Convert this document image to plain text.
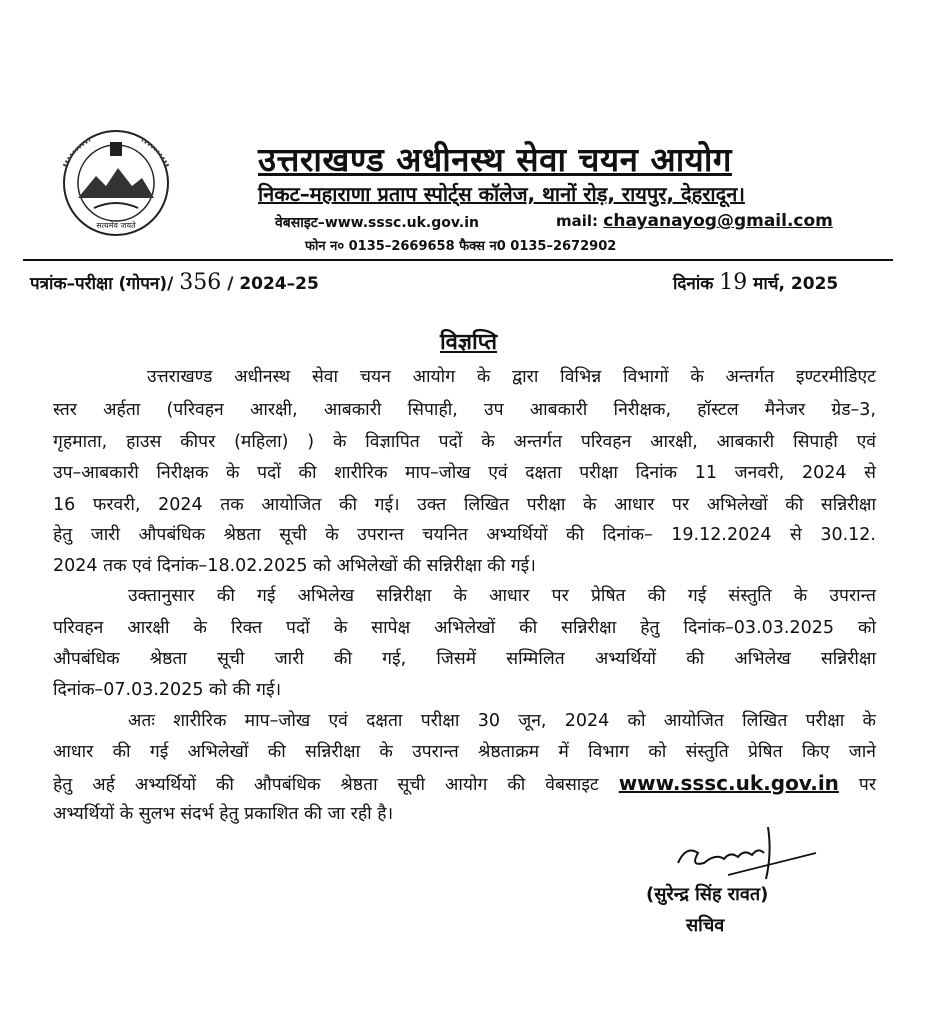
सत्यमेव जयते
उत्तराखण्ड अधीनस्थ सेवा चयन आयोग
निकट–महाराणा प्रताप स्पोर्ट्स कॉलेज, थानों रोड़, रायपुर, देहरादून।
वेबसाइट–www.sssc.uk.gov.in	mail: chayanayog@gmail.com
फोन न० 0135–2669658 फैक्स न0 0135–2672902
पत्रांक–परीक्षा (गोपन)/ 356 / 2024–25	दिनांक 19 मार्च, 2025
विज्ञप्ति
उत्तराखण्ड अधीनस्थ सेवा चयन आयोग के द्वारा विभिन्न विभागों के अन्तर्गत इण्टरमीडिएट
स्तर अर्हता (परिवहन आरक्षी, आबकारी सिपाही, उप आबकारी निरीक्षक, हॉस्टल मैनेजर ग्रेड–3,
गृहमाता, हाउस कीपर (महिला) ) के विज्ञापित पदों के अन्तर्गत परिवहन आरक्षी, आबकारी सिपाही एवं
उप–आबकारी निरीक्षक के पदों की शारीरिक माप–जोख एवं दक्षता परीक्षा दिनांक 11 जनवरी, 2024 से
16 फरवरी, 2024 तक आयोजित की गई। उक्त लिखित परीक्षा के आधार पर अभिलेखों की सन्निरीक्षा
हेतु जारी औपबंधिक श्रेष्ठता सूची के उपरान्त चयनित अभ्यर्थियों की दिनांक– 19.12.2024 से 30.12.
2024 तक एवं दिनांक–18.02.2025 को अभिलेखों की सन्निरीक्षा की गई।
उक्तानुसार की गई अभिलेख सन्निरीक्षा के आधार पर प्रेषित की गई संस्तुति के उपरान्त
परिवहन आरक्षी के रिक्त पदों के सापेक्ष अभिलेखों की सन्निरीक्षा हेतु दिनांक–03.03.2025 को
औपबंधिक श्रेष्ठता सूची जारी की गई, जिसमें सम्मिलित अभ्यर्थियों की अभिलेख सन्निरीक्षा
दिनांक–07.03.2025 को की गई।
अतः शारीरिक माप–जोख एवं दक्षता परीक्षा 30 जून, 2024 को आयोजित लिखित परीक्षा के
आधार की गई अभिलेखों की सन्निरीक्षा के उपरान्त श्रेष्ठताक्रम में विभाग को संस्तुति प्रेषित किए जाने
हेतु अर्ह अभ्यर्थियों की औपबंधिक श्रेष्ठता सूची आयोग की वेबसाइट www.sssc.uk.gov.in पर
अभ्यर्थियों के सुलभ संदर्भ हेतु प्रकाशित की जा रही है।
(सुरेन्द्र सिंह रावत)
सचिव
